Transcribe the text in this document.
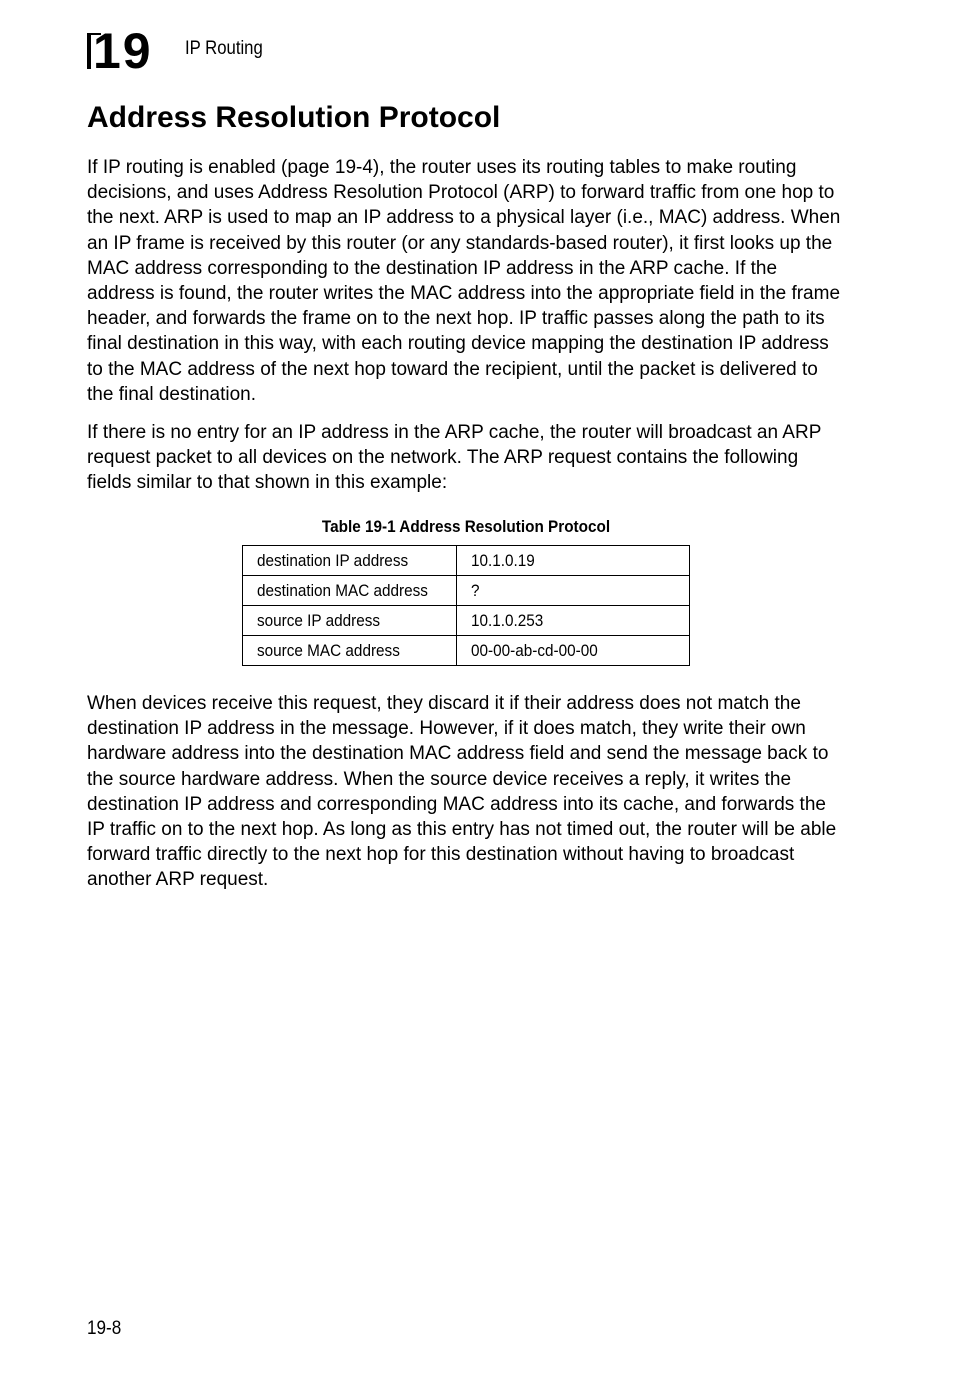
19 IP Routing
Address Resolution Protocol

If IP routing is enabled (page 19-4), the router uses its routing tables to make routing decisions, and uses Address Resolution Protocol (ARP) to forward traffic from one hop to the next. ARP is used to map an IP address to a physical layer (i.e., MAC) address. When an IP frame is received by this router (or any standards-based router), it first looks up the MAC address corresponding to the destination IP address in the ARP cache. If the address is found, the router writes the MAC address into the appropriate field in the frame header, and forwards the frame on to the next hop. IP traffic passes along the path to its final destination in this way, with each routing device mapping the destination IP address to the MAC address of the next hop toward the recipient, until the packet is delivered to the final destination.

If there is no entry for an IP address in the ARP cache, the router will broadcast an ARP request packet to all devices on the network. The ARP request contains the following fields similar to that shown in this example:

Table 19-1 Address Resolution Protocol
destination IP address	10.1.0.19
destination MAC address	?
source IP address	10.1.0.253
source MAC address	00-00-ab-cd-00-00

When devices receive this request, they discard it if their address does not match the destination IP address in the message. However, if it does match, they write their own hardware address into the destination MAC address field and send the message back to the source hardware address. When the source device receives a reply, it writes the destination IP address and corresponding MAC address into its cache, and forwards the IP traffic on to the next hop. As long as this entry has not timed out, the router will be able forward traffic directly to the next hop for this destination without having to broadcast another ARP request.

19-8
